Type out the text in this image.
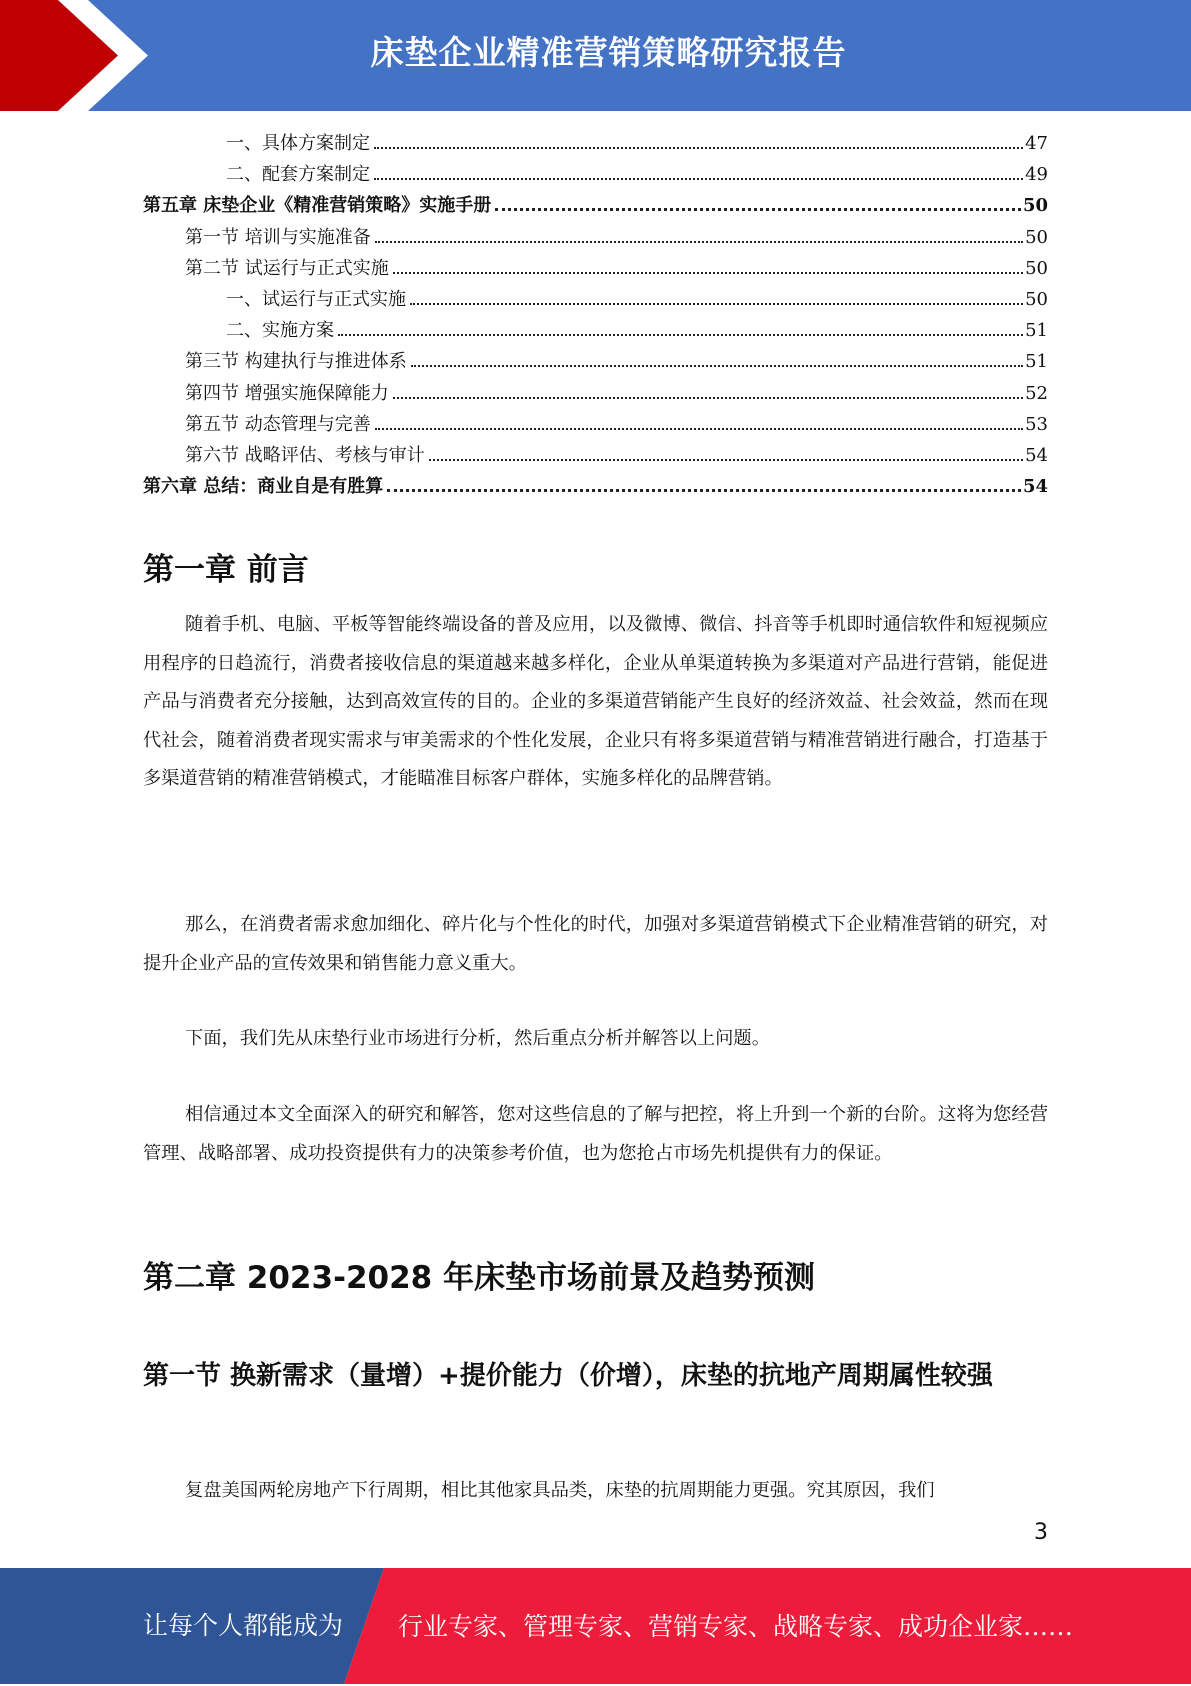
床垫企业精准营销策略研究报告
一、具体方案制定	47
二、配套方案制定	49
第五章 床垫企业《精准营销策略》实施手册	50
第一节 培训与实施准备	50
第二节 试运行与正式实施	50
一、试运行与正式实施	50
二、实施方案	51
第三节 构建执行与推进体系	51
第四节 增强实施保障能力	52
第五节 动态管理与完善	53
第六节 战略评估、考核与审计	54
第六章 总结：商业自是有胜算	54
第一章 前言

随着手机、电脑、平板等智能终端设备的普及应用，以及微博、微信、抖音等手机即时通信软件和短视频应用程序的日趋流行，消费者接收信息的渠道越来越多样化，企业从单渠道转换为多渠道对产品进行营销，能促进产品与消费者充分接触，达到高效宣传的目的。企业的多渠道营销能产生良好的经济效益、社会效益，然而在现代社会，随着消费者现实需求与审美需求的个性化发展，企业只有将多渠道营销与精准营销进行融合，打造基于多渠道营销的精准营销模式，才能瞄准目标客户群体，实施多样化的品牌营销。

那么，在消费者需求愈加细化、碎片化与个性化的时代，加强对多渠道营销模式下企业精准营销的研究，对提升企业产品的宣传效果和销售能力意义重大。

下面，我们先从床垫行业市场进行分析，然后重点分析并解答以上问题。

相信通过本文全面深入的研究和解答，您对这些信息的了解与把控，将上升到一个新的台阶。这将为您经营管理、战略部署、成功投资提供有力的决策参考价值，也为您抢占市场先机提供有力的保证。

第二章 2023-2028 年床垫市场前景及趋势预测
第一节 换新需求（量增）+提价能力（价增），床垫的抗地产周期属性较强

复盘美国两轮房地产下行周期，相比其他家具品类，床垫的抗周期能力更强。究其原因，我们

3
让每个人都能成为 行业专家、管理专家、营销专家、战略专家、成功企业家……
